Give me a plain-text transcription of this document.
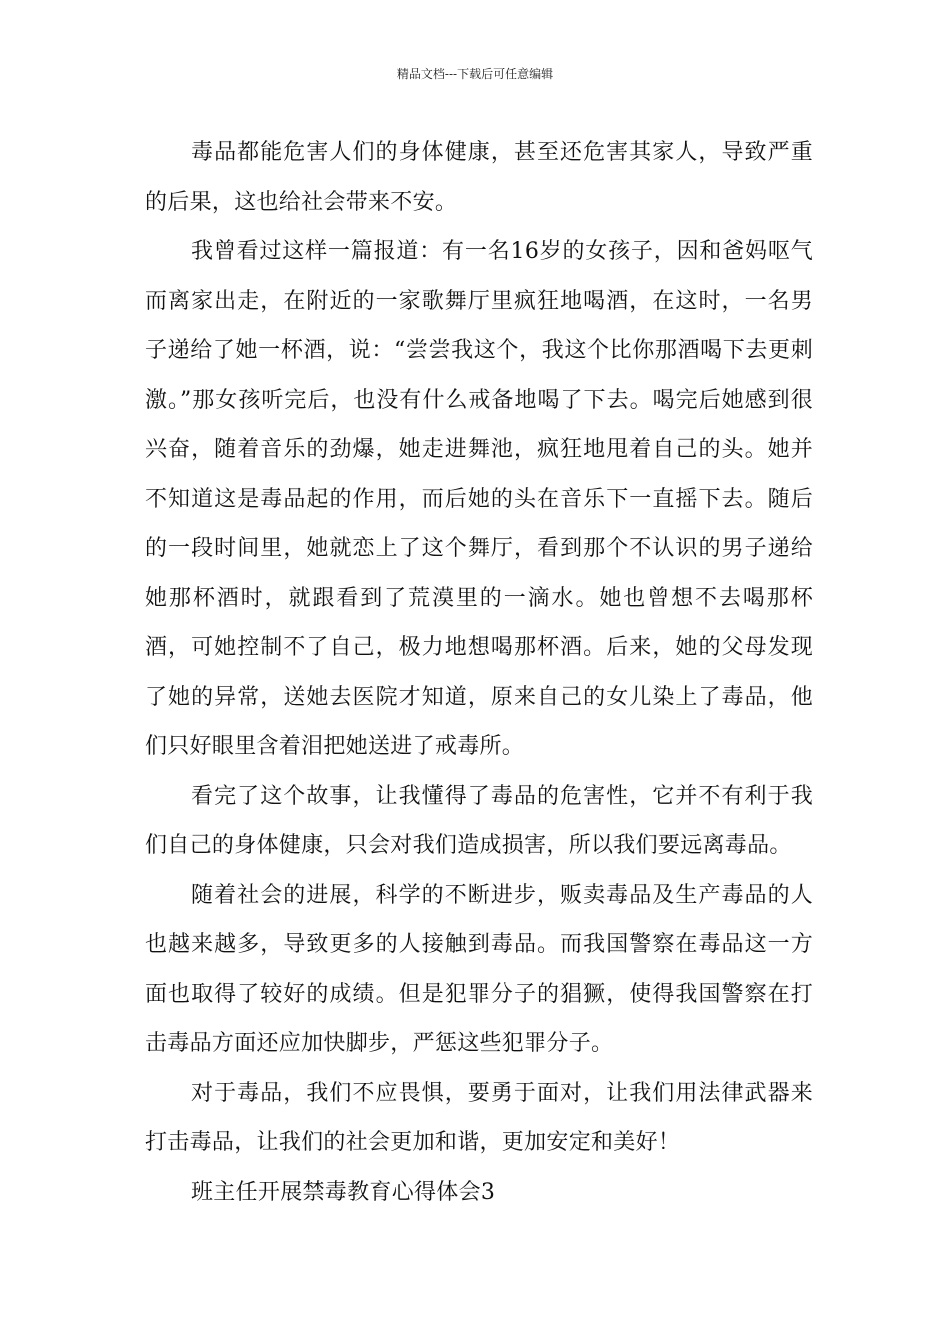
精品文档---下载后可任意编辑

毒品都能危害人们的身体健康，甚至还危害其家人，导致严重的后果，这也给社会带来不安。

我曾看过这样一篇报道：有一名16岁的女孩子，因和爸妈呕气而离家出走，在附近的一家歌舞厅里疯狂地喝酒，在这时，一名男子递给了她一杯酒，说：“尝尝我这个，我这个比你那酒喝下去更刺激。”那女孩听完后，也没有什么戒备地喝了下去。喝完后她感到很兴奋，随着音乐的劲爆，她走进舞池，疯狂地甩着自己的头。她并不知道这是毒品起的作用，而后她的头在音乐下一直摇下去。随后的一段时间里，她就恋上了这个舞厅，看到那个不认识的男子递给她那杯酒时，就跟看到了荒漠里的一滴水。她也曾想不去喝那杯酒，可她控制不了自己，极力地想喝那杯酒。后来，她的父母发现了她的异常，送她去医院才知道，原来自己的女儿染上了毒品，他们只好眼里含着泪把她送进了戒毒所。

看完了这个故事，让我懂得了毒品的危害性，它并不有利于我们自己的身体健康，只会对我们造成损害，所以我们要远离毒品。

随着社会的进展，科学的不断进步，贩卖毒品及生产毒品的人也越来越多，导致更多的人接触到毒品。而我国警察在毒品这一方面也取得了较好的成绩。但是犯罪分子的猖獗，使得我国警察在打击毒品方面还应加快脚步，严惩这些犯罪分子。

对于毒品，我们不应畏惧，要勇于面对，让我们用法律武器来打击毒品，让我们的社会更加和谐，更加安定和美好！

班主任开展禁毒教育心得体会3
